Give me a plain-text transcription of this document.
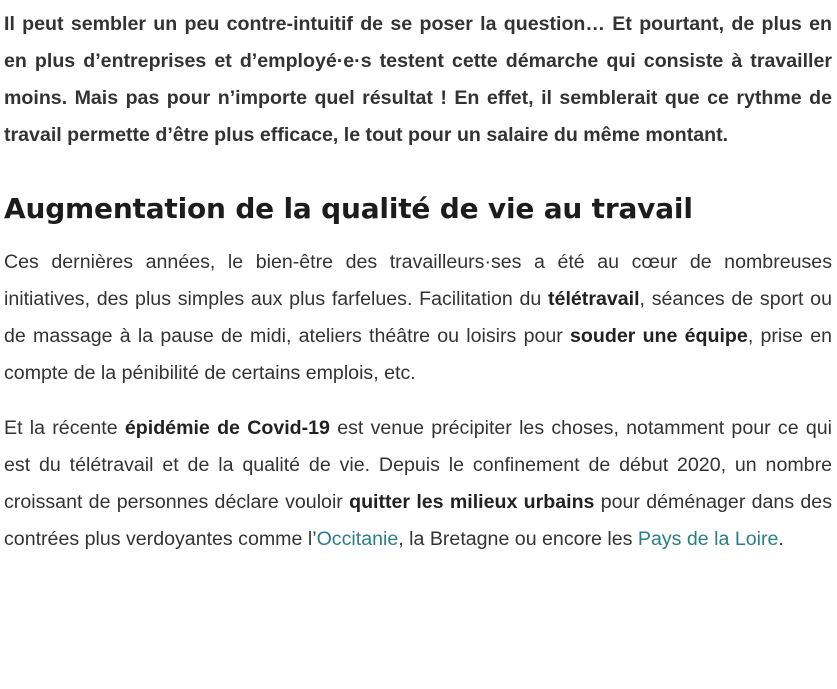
Il peut sembler un peu contre-intuitif de se poser la question… Et pourtant, de plus en en plus d’entreprises et d’employé·e·s testent cette démarche qui consiste à travailler moins. Mais pas pour n’importe quel résultat ! En effet, il semblerait que ce rythme de travail permette d’être plus efficace, le tout pour un salaire du même montant.

Augmentation de la qualité de vie au travail

Ces dernières années, le bien-être des travailleurs·ses a été au cœur de nombreuses initiatives, des plus simples aux plus farfelues. Facilitation du télétravail, séances de sport ou de massage à la pause de midi, ateliers théâtre ou loisirs pour souder une équipe, prise en compte de la pénibilité de certains emplois, etc.

Et la récente épidémie de Covid-19 est venue précipiter les choses, notamment pour ce qui est du télétravail et de la qualité de vie. Depuis le confinement de début 2020, un nombre croissant de personnes déclare vouloir quitter les milieux urbains pour déménager dans des contrées plus verdoyantes comme l’Occitanie, la Bretagne ou encore les Pays de la Loire.
